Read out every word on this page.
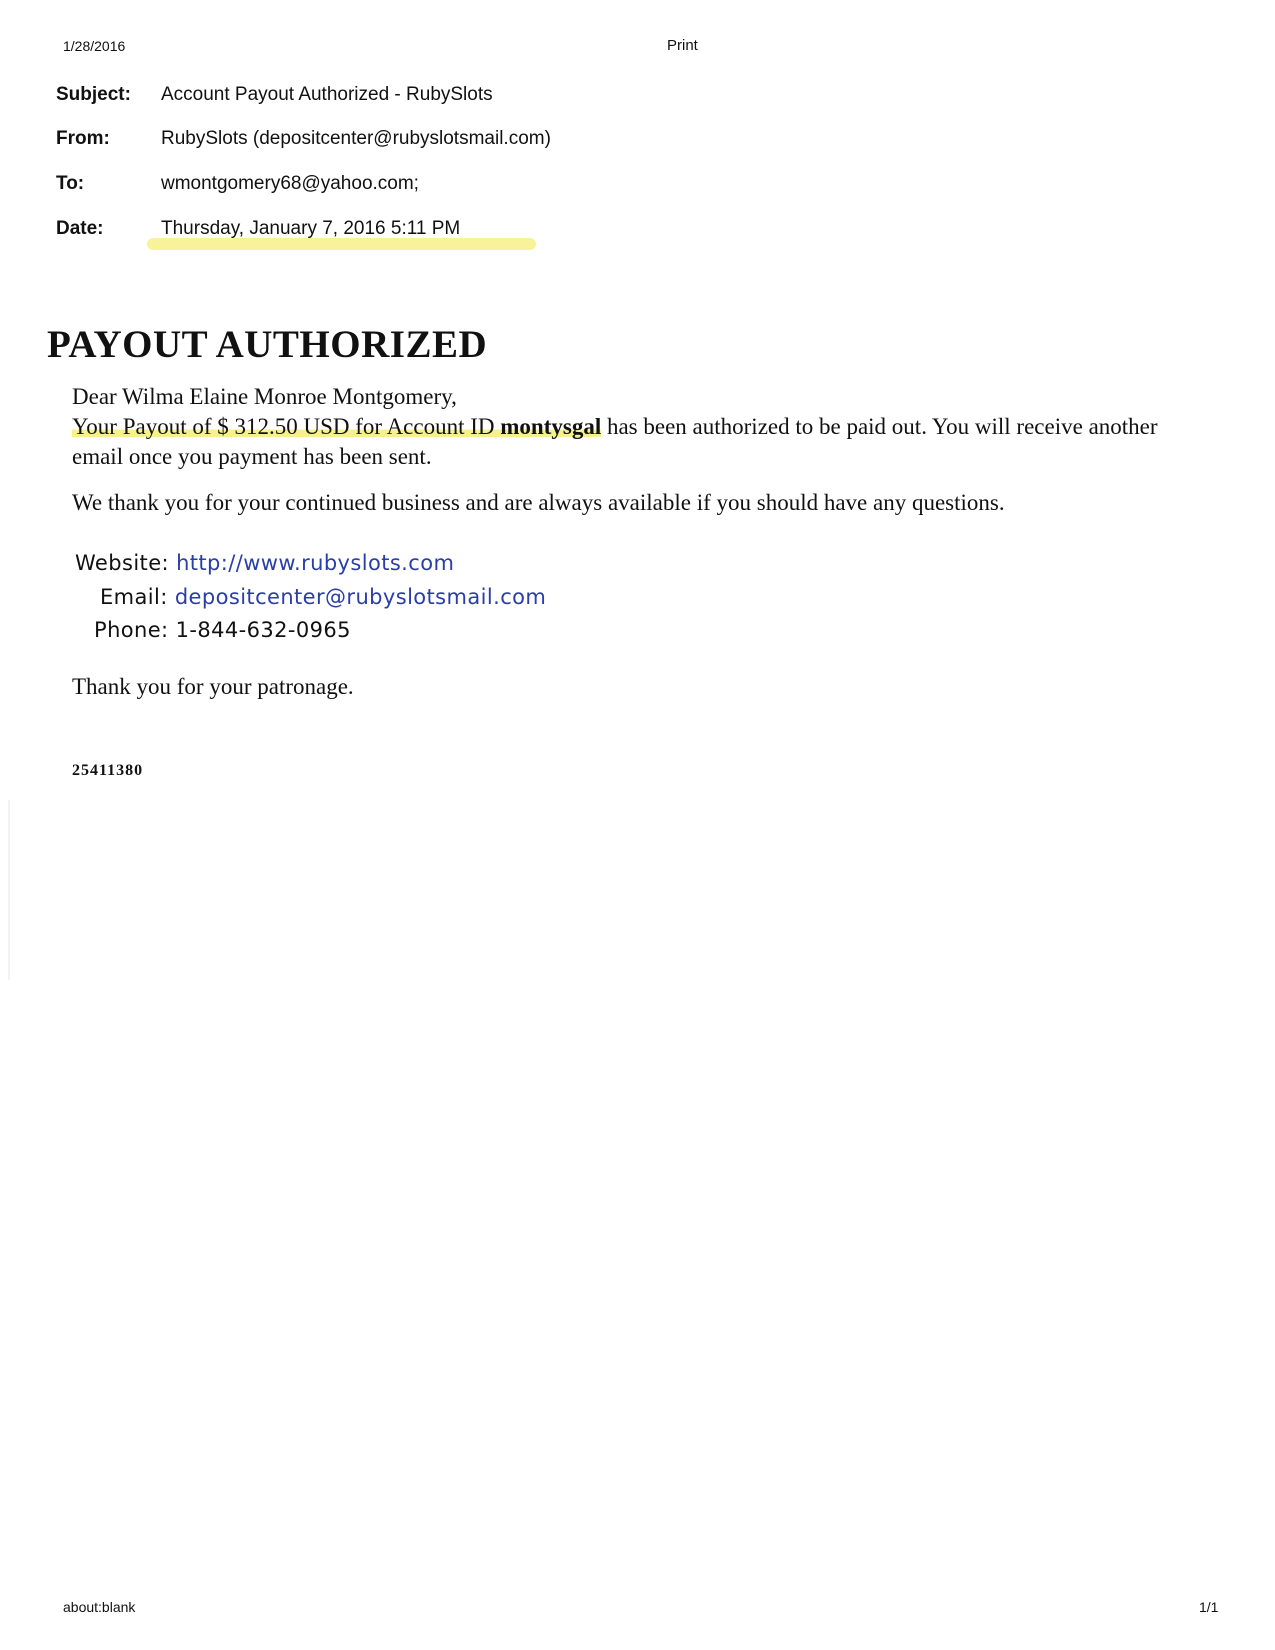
1/28/2016	Print
Subject:	Account Payout Authorized - RubySlots
From:	RubySlots (depositcenter@rubyslotsmail.com)
To:	wmontgomery68@yahoo.com;
Date:	Thursday, January 7, 2016 5:11 PM
PAYOUT AUTHORIZED
Dear Wilma Elaine Monroe Montgomery,
Your Payout of $ 312.50 USD for Account ID montysgal has been authorized to be paid out. You will receive another email once you payment has been sent.
We thank you for your continued business and are always available if you should have any questions.
Website: http://www.rubyslots.com
Email: depositcenter@rubyslotsmail.com
Phone: 1-844-632-0965
Thank you for your patronage.
25411380
about:blank	1/1
